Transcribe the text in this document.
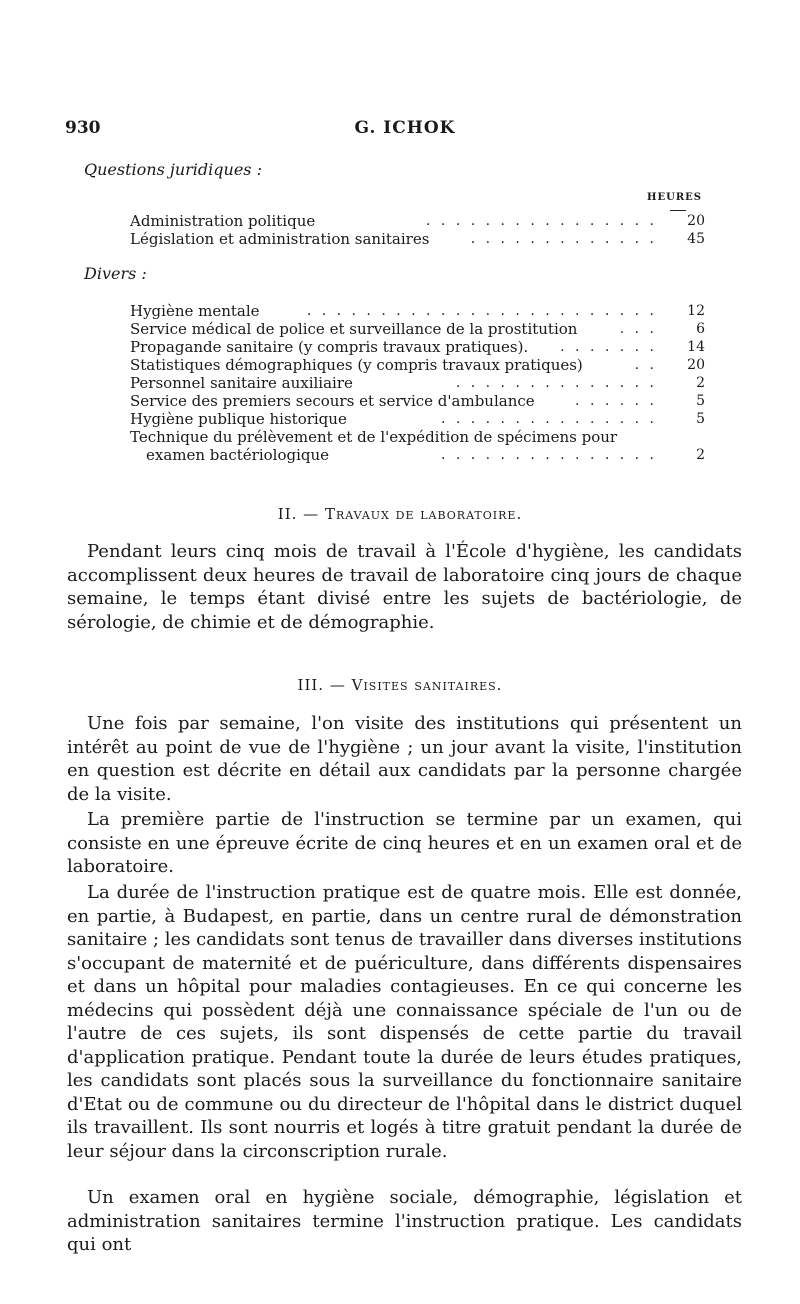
930	G. ICHOK
Questions juridiques :
HEURES
Administration politique	. . . . . . . . . . . . . . . .	20
Législation et administration sanitaires	. . . . . . . . . . . . .	45
Divers :
Hygiène mentale	. . . . . . . . . . . . . . . . . . . . . . . .	12
Service médical de police et surveillance de la prostitution	. . .	6
Propagande sanitaire (y compris travaux pratiques). . . . . . . .	14
Statistiques démographiques (y compris travaux pratiques)	. .	20
Personnel sanitaire auxiliaire	. . . . . . . . . . . . . .	2
Service des premiers secours et service d'ambulance	. . . . . .	5
Hygiène publique historique	. . . . . . . . . . . . . . .	5
Technique du prélèvement et de l'expédition de spécimens pour
examen bactériologique	. . . . . . . . . . . . . . .	2
II. — Travaux de laboratoire.

Pendant leurs cinq mois de travail à l'École d'hygiène, les candidats accomplissent deux heures de travail de laboratoire cinq jours de chaque semaine, le temps étant divisé entre les sujets de bactériologie, de sérologie, de chimie et de démographie.

III. — Visites sanitaires.

Une fois par semaine, l'on visite des institutions qui présentent un intérêt au point de vue de l'hygiène ; un jour avant la visite, l'institution en question est décrite en détail aux candidats par la personne chargée de la visite.

La première partie de l'instruction se termine par un examen, qui consiste en une épreuve écrite de cinq heures et en un examen oral et de laboratoire.

La durée de l'instruction pratique est de quatre mois. Elle est donnée, en partie, à Budapest, en partie, dans un centre rural de démonstration sanitaire ; les candidats sont tenus de travailler dans diverses institutions s'occupant de maternité et de puériculture, dans différents dispensaires et dans un hôpital pour maladies contagieuses. En ce qui concerne les médecins qui possèdent déjà une connaissance spéciale de l'un ou de l'autre de ces sujets, ils sont dispensés de cette partie du travail d'application pratique. Pendant toute la durée de leurs études pratiques, les candidats sont placés sous la surveillance du fonctionnaire sanitaire d'Etat ou de commune ou du directeur de l'hôpital dans le district duquel ils travaillent. Ils sont nourris et logés à titre gratuit pendant la durée de leur séjour dans la circonscription rurale.

Un examen oral en hygiène sociale, démographie, législation et administration sanitaires termine l'instruction pratique. Les candidats qui ont
